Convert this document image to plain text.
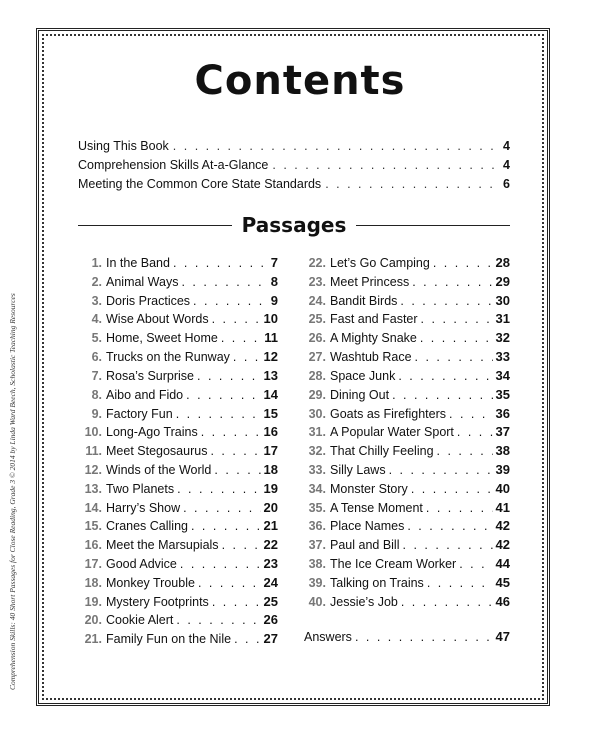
Comprehension Skills: 40 Short Passages for Close Reading, Grade 3 © 2014 by Linda Ward Beech, Scholastic Teaching Resources
Contents
Using This Book . . .	4
Comprehension Skills At-a-Glance . . .	4
Meeting the Common Core State Standards . . .	6
Passages
1. In the Band . . .	7
2. Animal Ways . . .	8
3. Doris Practices . . .	9
4. Wise About Words . . .	10
5. Home, Sweet Home . . .	11
6. Trucks on the Runway . . .	12
7. Rosa’s Surprise . . .	13
8. Aibo and Fido . . .	14
9. Factory Fun . . .	15
10. Long-Ago Trains . . .	16
11. Meet Stegosaurus . . .	17
12. Winds of the World . . .	18
13. Two Planets . . .	19
14. Harry’s Show . . .	20
15. Cranes Calling . . .	21
16. Meet the Marsupials . . .	22
17. Good Advice . . .	23
18. Monkey Trouble . . .	24
19. Mystery Footprints . . .	25
20. Cookie Alert . . .	26
21. Family Fun on the Nile . . . 27
22. Let’s Go Camping . . .	28
23. Meet Princess . . .	29
24. Bandit Birds . . .	30
25. Fast and Faster . . .	31
26. A Mighty Snake . . .	32
27. Washtub Race . . .	33
28. Space Junk . . .	34
29. Dining Out . . .	35
30. Goats as Firefighters . . .	36
31. A Popular Water Sport . . .	37
32. That Chilly Feeling . . .	38
33. Silly Laws . . .	39
34. Monster Story . . .	40
35. A Tense Moment . . .	41
36. Place Names . . .	42
37. Paul and Bill . . .	42
38. The Ice Cream Worker . . .	44
39. Talking on Trains . . .	45
40. Jessie’s Job . . .	46
Answers . . .	47
